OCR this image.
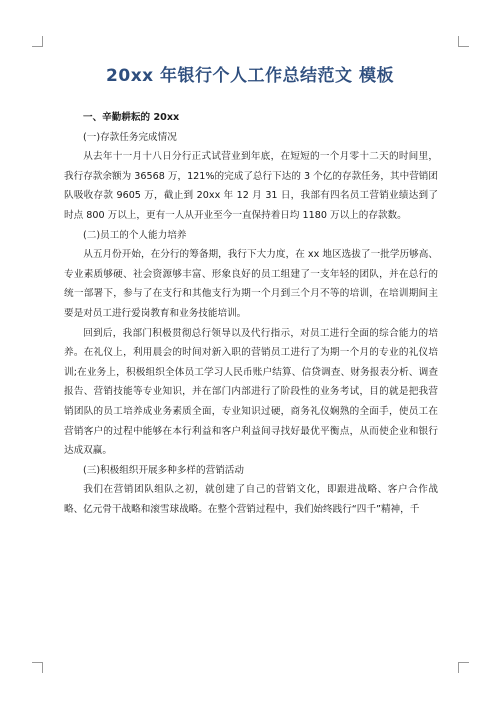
20xx 年银行个人工作总结范文 模板

一、辛勤耕耘的 20xx

(一)存款任务完成情况

从去年十一月十八日分行正式试营业到年底，在短短的一个月零十二天的时间里，我行存款余额为 36568 万，121%的完成了总行下达的 3 个亿的存款任务，其中营销团队吸收存款 9605 万，截止到 20xx 年 12 月 31 日，我部有四名员工营销业绩达到了时点 800 万以上，更有一人从开业至今一直保持着日均 1180 万以上的存款数。

(二)员工的个人能力培养

从五月份开始，在分行的筹备期，我行下大力度，在 xx 地区选拔了一批学历够高、专业素质够硬、社会资源够丰富、形象良好的员工组建了一支年轻的团队，并在总行的统一部署下，参与了在支行和其他支行为期一个月到三个月不等的培训，在培训期间主要是对员工进行爱岗教育和业务技能培训。

回到后，我部门积极贯彻总行领导以及代行指示，对员工进行全面的综合能力的培养。在礼仪上，利用晨会的时间对新入职的营销员工进行了为期一个月的专业的礼仪培训;在业务上，积极组织全体员工学习人民币账户结算、信贷调查、财务报表分析、调查报告、营销技能等专业知识，并在部门内部进行了阶段性的业务考试，目的就是把我营销团队的员工培养成业务素质全面，专业知识过硬，商务礼仪娴熟的全面手，使员工在营销客户的过程中能够在本行利益和客户利益间寻找好最优平衡点，从而使企业和银行达成双赢。

(三)积极组织开展多种多样的营销活动

我们在营销团队组队之初，就创建了自己的营销文化，即跟进战略、客户合作战略、亿元骨干战略和滚雪球战略。在整个营销过程中，我们始终践行“四千”精神，千
